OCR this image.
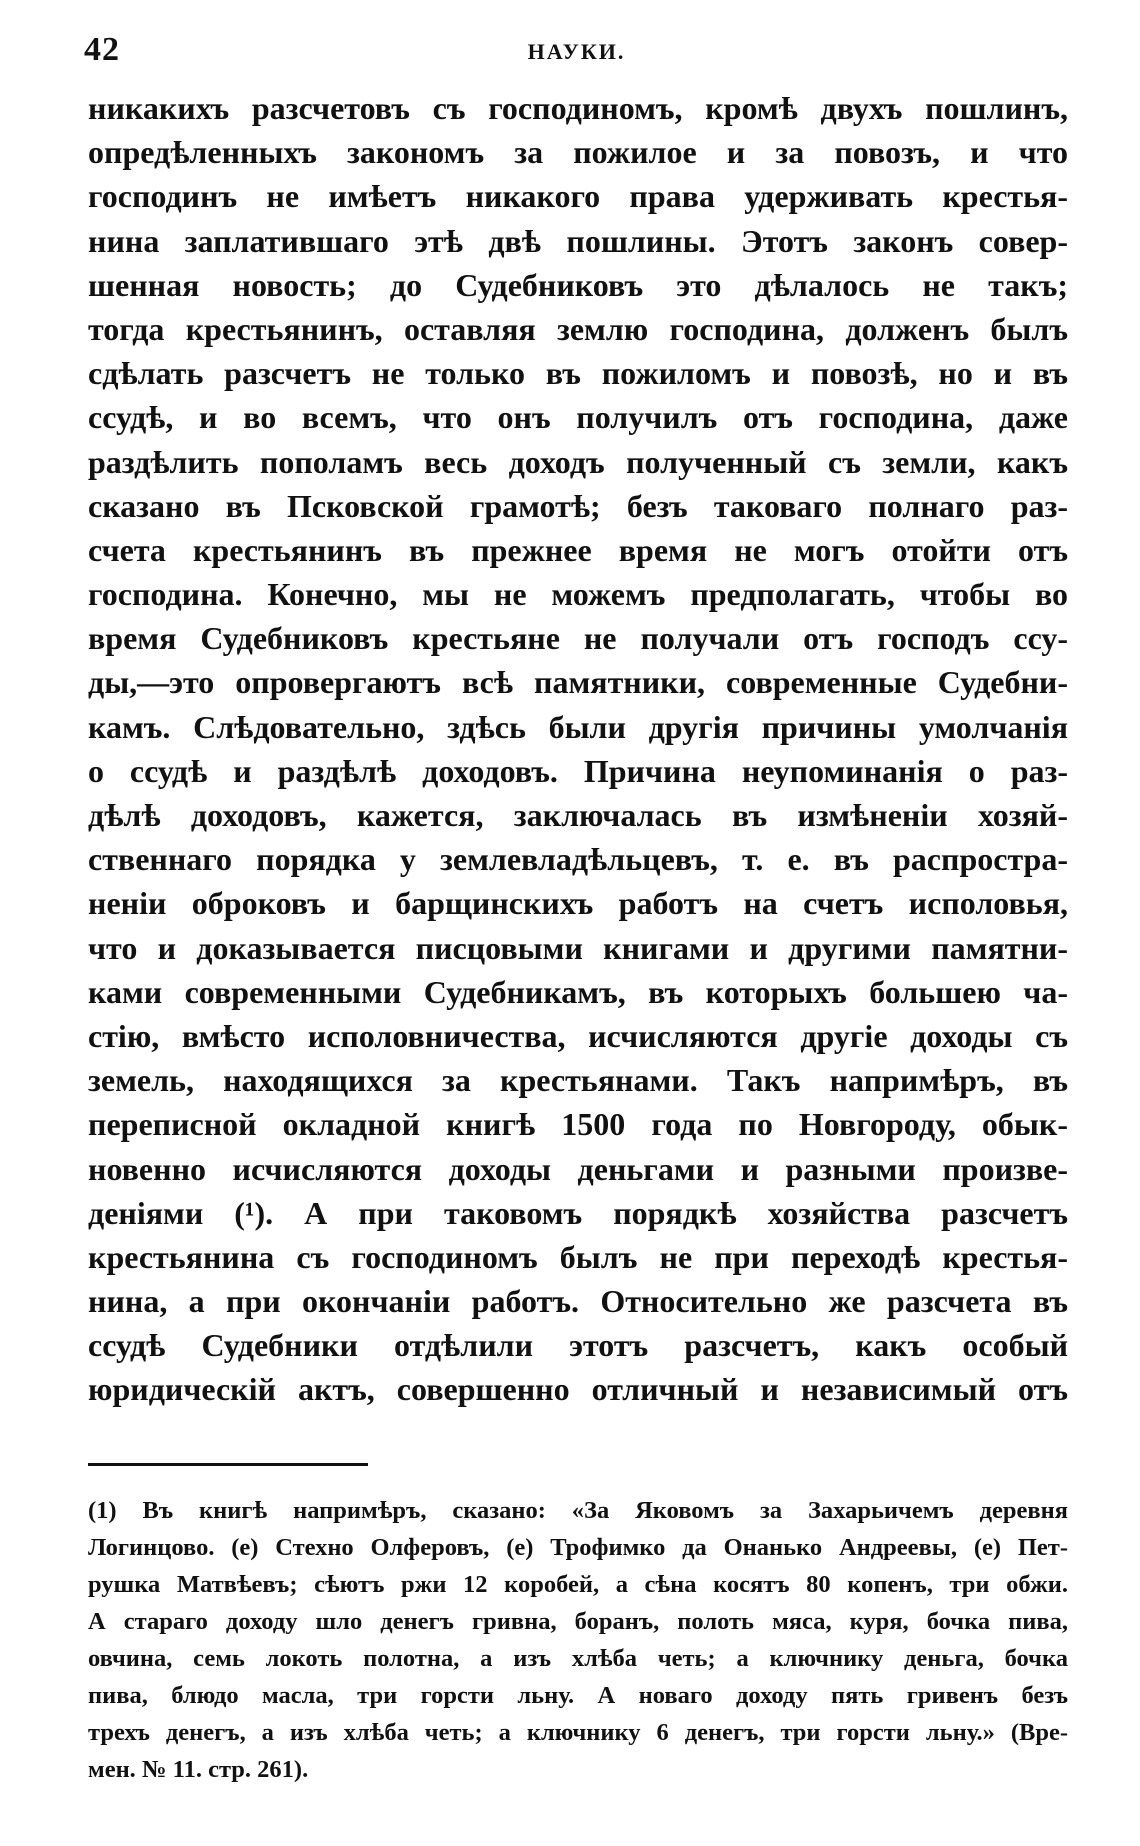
42	НАУКИ.
никакихъ разсчетовъ съ господиномъ, кромѣ двухъ пошлинъ,
опредѣленныхъ закономъ за пожилое и за повозъ, и что
господинъ не имѣетъ никакого права удерживать крестья-
нина заплатившаго этѣ двѣ пошлины. Этотъ законъ совер-
шенная новость; до Судебниковъ это дѣлалось не такъ;
тогда крестьянинъ, оставляя землю господина, долженъ былъ
сдѣлать разсчетъ не только въ пожиломъ и повозѣ, но и въ
ссудѣ, и во всемъ, что онъ получилъ отъ господина, даже
раздѣлить пополамъ весь доходъ полученный съ земли, какъ
сказано въ Псковской грамотѣ; безъ таковаго полнаго раз-
счета крестьянинъ въ прежнее время не могъ отойти отъ
господина. Конечно, мы не можемъ предполагать, чтобы во
время Судебниковъ крестьяне не получали отъ господъ ссу-
ды,—это опровергаютъ всѣ памятники, современные Судебни-
камъ. Слѣдовательно, здѣсь были другія причины умолчанія
о ссудѣ и раздѣлѣ доходовъ. Причина неупоминанія о раз-
дѣлѣ доходовъ, кажется, заключалась въ измѣненіи хозяй-
ственнаго порядка у землевладѣльцевъ, т. е. въ распростра-
неніи оброковъ и барщинскихъ работъ на счетъ исполовья,
что и доказывается писцовыми книгами и другими памятни-
ками современными Судебникамъ, въ которыхъ большею ча-
стію, вмѣсто исполовничества, исчисляются другіе доходы съ
земель, находящихся за крестьянами. Такъ напримѣръ, въ
переписной окладной книгѣ 1500 года по Новгороду, обык-
новенно исчисляются доходы деньгами и разными произве-
деніями (¹). А при таковомъ порядкѣ хозяйства разсчетъ
крестьянина съ господиномъ былъ не при переходѣ крестья-
нина, а при окончаніи работъ. Относительно же разсчета въ
ссудѣ Судебники отдѣлили этотъ разсчетъ, какъ особый
юридическій актъ, совершенно отличный и независимый отъ
(1) Въ книгѣ напримѣръ, сказано: «За Яковомъ за Захарьичемъ деревня
Логинцово. (е) Стехно Олферовъ, (е) Трофимко да Онанько Андреевы, (е) Пет-
рушка Матвѣевъ; сѣютъ ржи 12 коробей, а сѣна косятъ 80 копенъ, три обжи.
А стараго доходу шло денегъ гривна, боранъ, полоть мяса, куря, бочка пива,
овчина, семь локоть полотна, а изъ хлѣба четь; а ключнику деньга, бочка
пива, блюдо масла, три горсти льну. А новаго доходу пять гривенъ безъ
трехъ денегъ, а изъ хлѣба четь; а ключнику 6 денегъ, три горсти льну.» (Вре-
мен. № 11. стр. 261).
